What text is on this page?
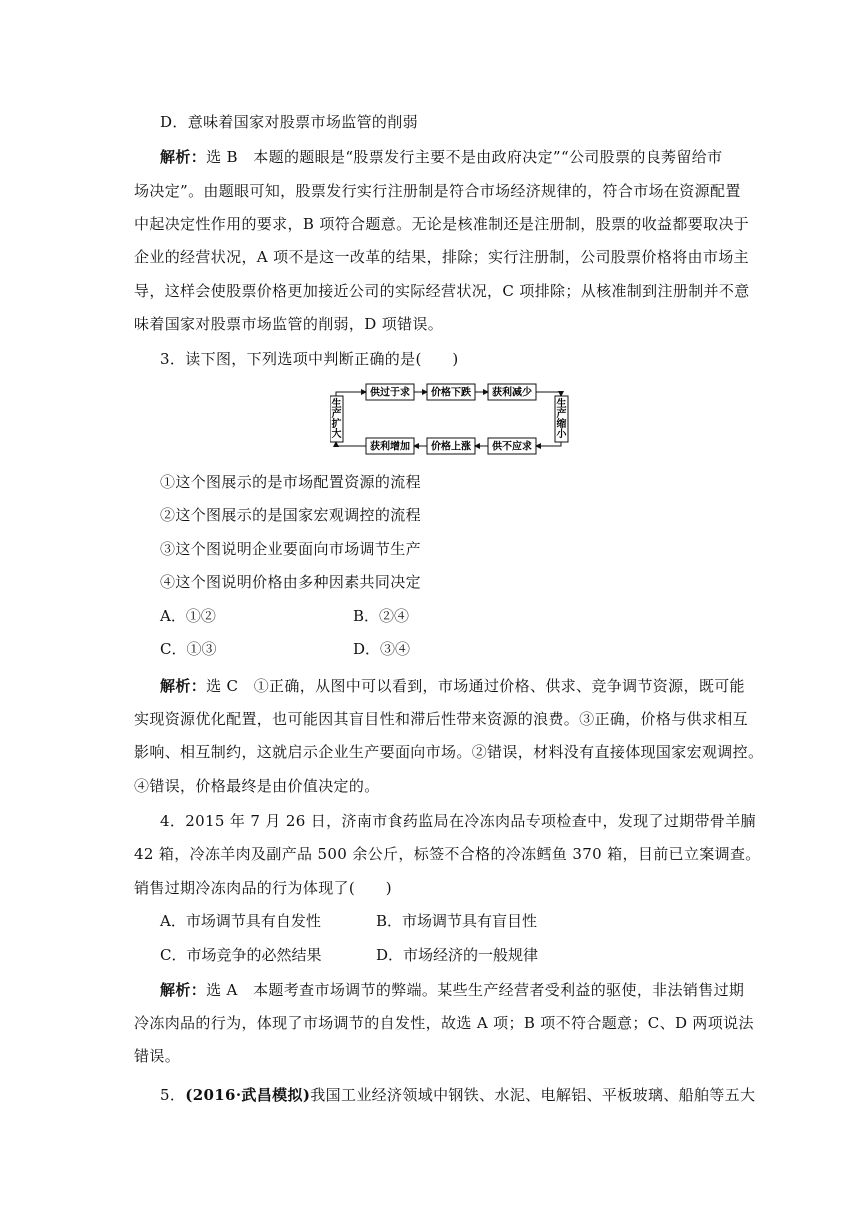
D．意味着国家对股票市场监管的削弱
解析：选 B　本题的题眼是“股票发行主要不是由政府决定”“公司股票的良莠留给市
场决定”。由题眼可知，股票发行实行注册制是符合市场经济规律的，符合市场在资源配置
中起决定性作用的要求，B 项符合题意。无论是核准制还是注册制，股票的收益都要取决于
企业的经营状况，A 项不是这一改革的结果，排除；实行注册制，公司股票价格将由市场主
导，这样会使股票价格更加接近公司的实际经营状况，C 项排除；从核准制到注册制并不意
味着国家对股票市场监管的削弱，D 项错误。
3．读下图，下列选项中判断正确的是(　　)
供过于求 价格下跌 获利减少
获利增加 价格上涨 供不应求
生
产
扩
大
生
产
缩
小
①这个图展示的是市场配置资源的流程
②这个图展示的是国家宏观调控的流程
③这个图说明企业要面向市场调节生产
④这个图说明价格由多种因素共同决定
A．①②	B．②④
C．①③	D．③④
解析：选 C　①正确，从图中可以看到，市场通过价格、供求、竞争调节资源，既可能
实现资源优化配置，也可能因其盲目性和滞后性带来资源的浪费。③正确，价格与供求相互
影响、相互制约，这就启示企业生产要面向市场。②错误，材料没有直接体现国家宏观调控。
④错误，价格最终是由价值决定的。
4．2015 年 7 月 26 日，济南市食药监局在冷冻肉品专项检查中，发现了过期带骨羊腩
42 箱，冷冻羊肉及副产品 500 余公斤，标签不合格的冷冻鳕鱼 370 箱，目前已立案调查。
销售过期冷冻肉品的行为体现了(　　)
A．市场调节具有自发性	B．市场调节具有盲目性
C．市场竞争的必然结果	D．市场经济的一般规律
解析：选 A　本题考查市场调节的弊端。某些生产经营者受利益的驱使，非法销售过期
冷冻肉品的行为，体现了市场调节的自发性，故选 A 项；B 项不符合题意；C、D 两项说法
错误。
5．(2016·武昌模拟)我国工业经济领域中钢铁、水泥、电解铝、平板玻璃、船舶等五大
